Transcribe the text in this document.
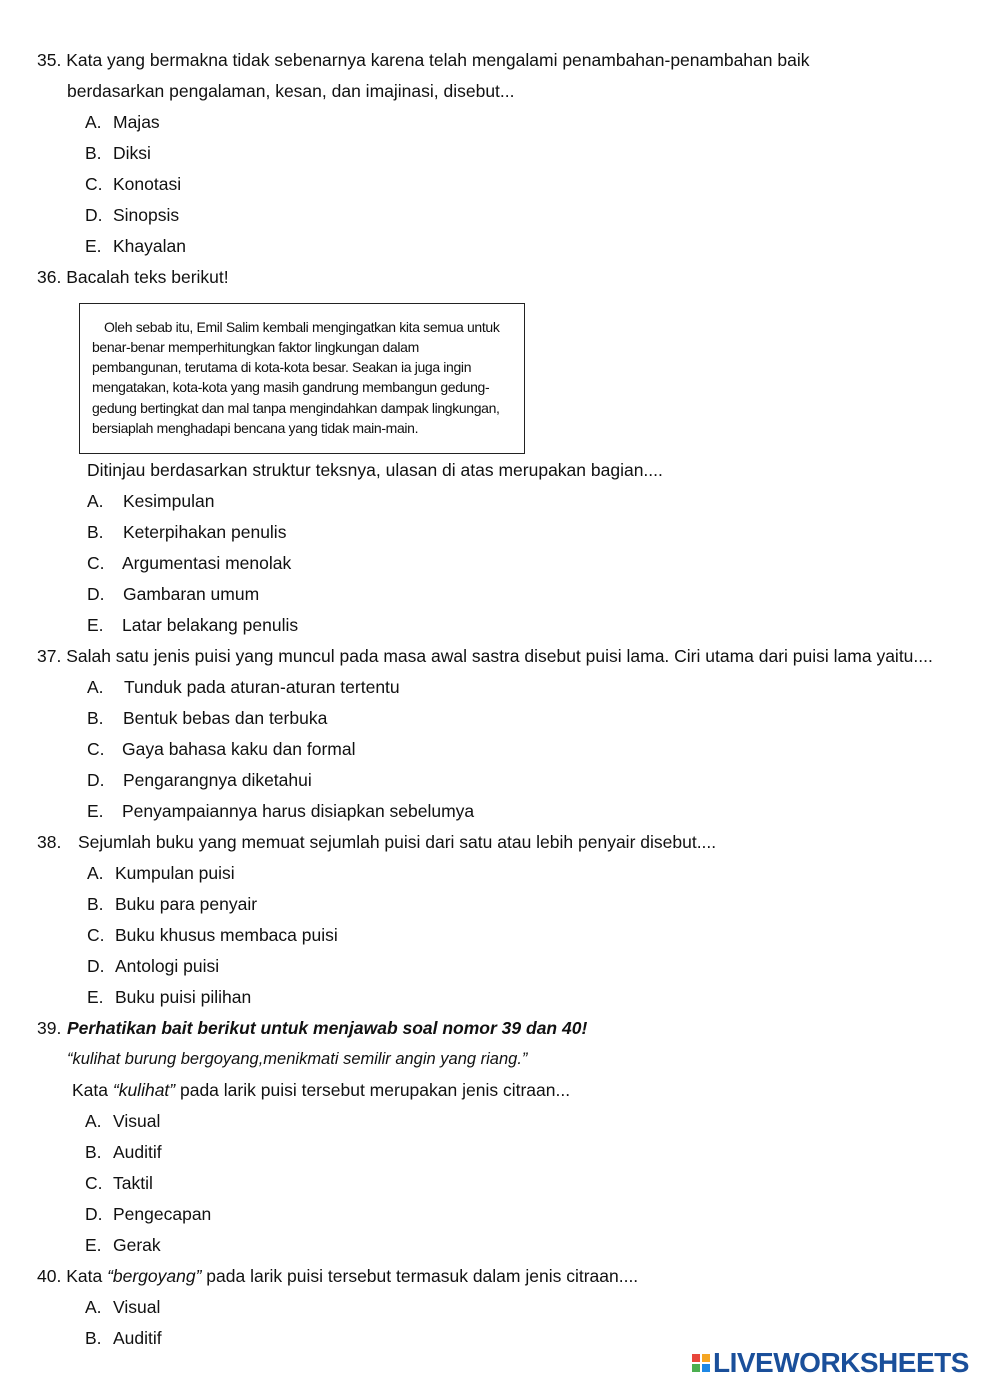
35. Kata yang bermakna tidak sebenarnya karena telah mengalami penambahan-penambahan baik
berdasarkan pengalaman, kesan, dan imajinasi, disebut...
A. Majas
B. Diksi
C. Konotasi
D. Sinopsis
E. Khayalan
36. Bacalah teks berikut!
Oleh sebab itu, Emil Salim kembali mengingatkan kita semua untuk
benar-benar memperhitungkan faktor lingkungan dalam
pembangunan, terutama di kota-kota besar. Seakan ia juga ingin
mengatakan, kota-kota yang masih gandrung membangun gedung-
gedung bertingkat dan mal tanpa mengindahkan dampak lingkungan,
bersiaplah menghadapi bencana yang tidak main-main.
Ditinjau berdasarkan struktur teksnya, ulasan di atas merupakan bagian....
A. Kesimpulan
B. Keterpihakan penulis
C. Argumentasi menolak
D. Gambaran umum
E. Latar belakang penulis
37. Salah satu jenis puisi yang muncul pada masa awal sastra disebut puisi lama. Ciri utama dari puisi lama yaitu....
A. Tunduk pada aturan-aturan tertentu
B. Bentuk bebas dan terbuka
C. Gaya bahasa kaku dan formal
D. Pengarangnya diketahui
E. Penyampaiannya harus disiapkan sebelumya
38. Sejumlah buku yang memuat sejumlah puisi dari satu atau lebih penyair disebut....
A. Kumpulan puisi
B. Buku para penyair
C. Buku khusus membaca puisi
D. Antologi puisi
E. Buku puisi pilihan
39. Perhatikan bait berikut untuk menjawab soal nomor 39 dan 40!
“kulihat burung bergoyang,menikmati semilir angin yang riang.”
Kata “kulihat” pada larik puisi tersebut merupakan jenis citraan...
A. Visual
B. Auditif
C. Taktil
D. Pengecapan
E. Gerak
40. Kata “bergoyang” pada larik puisi tersebut termasuk dalam jenis citraan....
A. Visual
B. Auditif
LIVEWORKSHEETS
